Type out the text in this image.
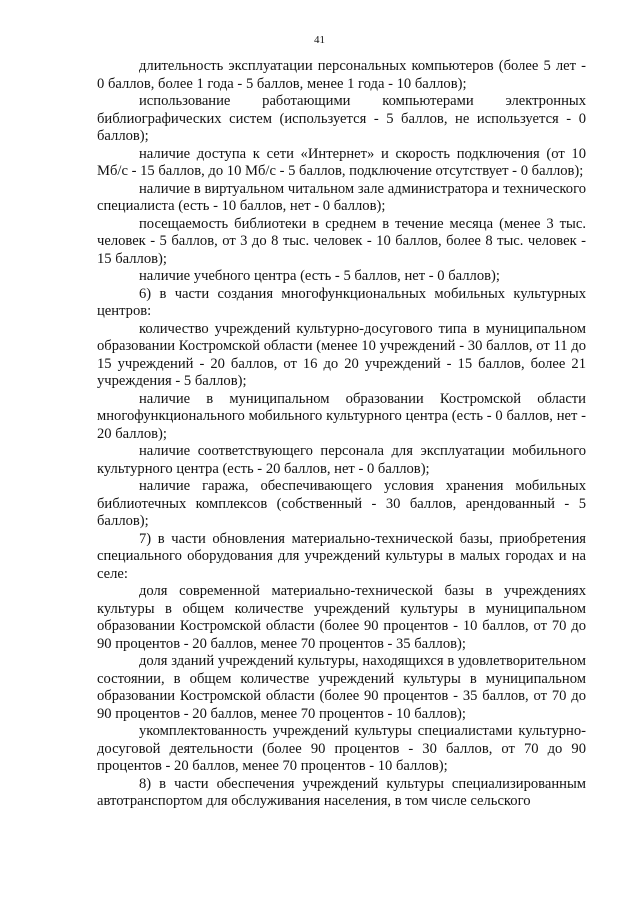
41

длительность эксплуатации персональных компьютеров (более 5 лет - 0 баллов, более 1 года - 5 баллов, менее 1 года - 10 баллов);

использование работающими компьютерами электронных библиографических систем (используется - 5 баллов, не используется - 0 баллов);

наличие доступа к сети «Интернет» и скорость подключения (от 10 Мб/с - 15 баллов, до 10 Мб/с - 5 баллов, подключение отсутствует - 0 баллов);

наличие в виртуальном читальном зале администратора и технического специалиста (есть - 10 баллов, нет - 0 баллов);

посещаемость библиотеки в среднем в течение месяца (менее 3 тыс. человек - 5 баллов, от 3 до 8 тыс. человек - 10 баллов, более 8 тыс. человек - 15 баллов);

наличие учебного центра (есть - 5 баллов, нет - 0 баллов);

6) в части создания многофункциональных мобильных культурных центров:

количество учреждений культурно-досугового типа в муниципальном образовании Костромской области (менее 10 учреждений - 30 баллов, от 11 до 15 учреждений - 20 баллов, от 16 до 20 учреждений - 15 баллов, более 21 учреждения - 5 баллов);

наличие в муниципальном образовании Костромской области многофункционального мобильного культурного центра (есть - 0 баллов, нет - 20 баллов);

наличие соответствующего персонала для эксплуатации мобильного культурного центра (есть - 20 баллов, нет - 0 баллов);

наличие гаража, обеспечивающего условия хранения мобильных библиотечных комплексов (собственный - 30 баллов, арендованный - 5 баллов);

7) в части обновления материально-технической базы, приобретения специального оборудования для учреждений культуры в малых городах и на селе:

доля современной материально-технической базы в учреждениях культуры в общем количестве учреждений культуры в муниципальном образовании Костромской области (более 90 процентов - 10 баллов, от 70 до 90 процентов - 20 баллов, менее 70 процентов - 35 баллов);

доля зданий учреждений культуры, находящихся в удовлетворительном состоянии, в общем количестве учреждений культуры в муниципальном образовании Костромской области (более 90 процентов - 35 баллов, от 70 до 90 процентов - 20 баллов, менее 70 процентов - 10 баллов);

укомплектованность учреждений культуры специалистами культурно-досуговой деятельности (более 90 процентов - 30 баллов, от 70 до 90 процентов - 20 баллов, менее 70 процентов - 10 баллов);

8) в части обеспечения учреждений культуры специализированным автотранспортом для обслуживания населения, в том числе сельского
